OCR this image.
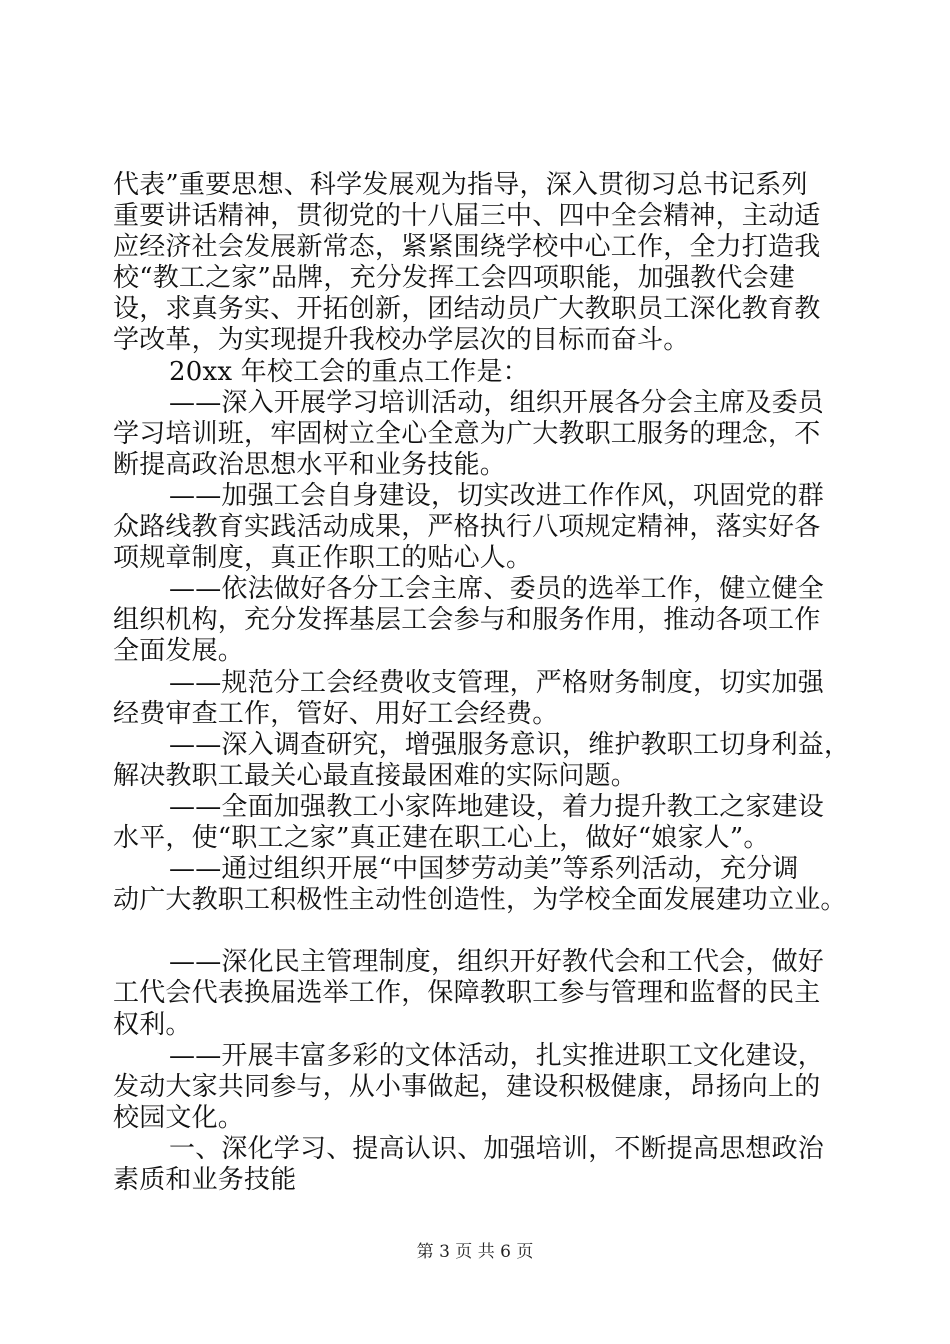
代表”重要思想、科学发展观为指导，深入贯彻习总书记系列
重要讲话精神，贯彻党的十八届三中、四中全会精神，主动适
应经济社会发展新常态，紧紧围绕学校中心工作，全力打造我
校“教工之家”品牌，充分发挥工会四项职能，加强教代会建
设，求真务实、开拓创新，团结动员广大教职员工深化教育教
学改革，为实现提升我校办学层次的目标而奋斗。
20xx 年校工会的重点工作是：
——深入开展学习培训活动，组织开展各分会主席及委员
学习培训班，牢固树立全心全意为广大教职工服务的理念，不
断提高政治思想水平和业务技能。
——加强工会自身建设，切实改进工作作风，巩固党的群
众路线教育实践活动成果，严格执行八项规定精神，落实好各
项规章制度，真正作职工的贴心人。
——依法做好各分工会主席、委员的选举工作，健立健全
组织机构，充分发挥基层工会参与和服务作用，推动各项工作
全面发展。
——规范分工会经费收支管理，严格财务制度，切实加强
经费审查工作，管好、用好工会经费。
——深入调查研究，增强服务意识，维护教职工切身利益，
解决教职工最关心最直接最困难的实际问题。
——全面加强教工小家阵地建设，着力提升教工之家建设
水平，使“职工之家”真正建在职工心上，做好“娘家人”。
——通过组织开展“中国梦劳动美”等系列活动，充分调
动广大教职工积极性主动性创造性，为学校全面发展建功立业。
——深化民主管理制度，组织开好教代会和工代会，做好
工代会代表换届选举工作，保障教职工参与管理和监督的民主
权利。
——开展丰富多彩的文体活动，扎实推进职工文化建设，
发动大家共同参与，从小事做起，建设积极健康，昂扬向上的
校园文化。
一、深化学习、提高认识、加强培训，不断提高思想政治
素质和业务技能
第 3 页 共 6 页
